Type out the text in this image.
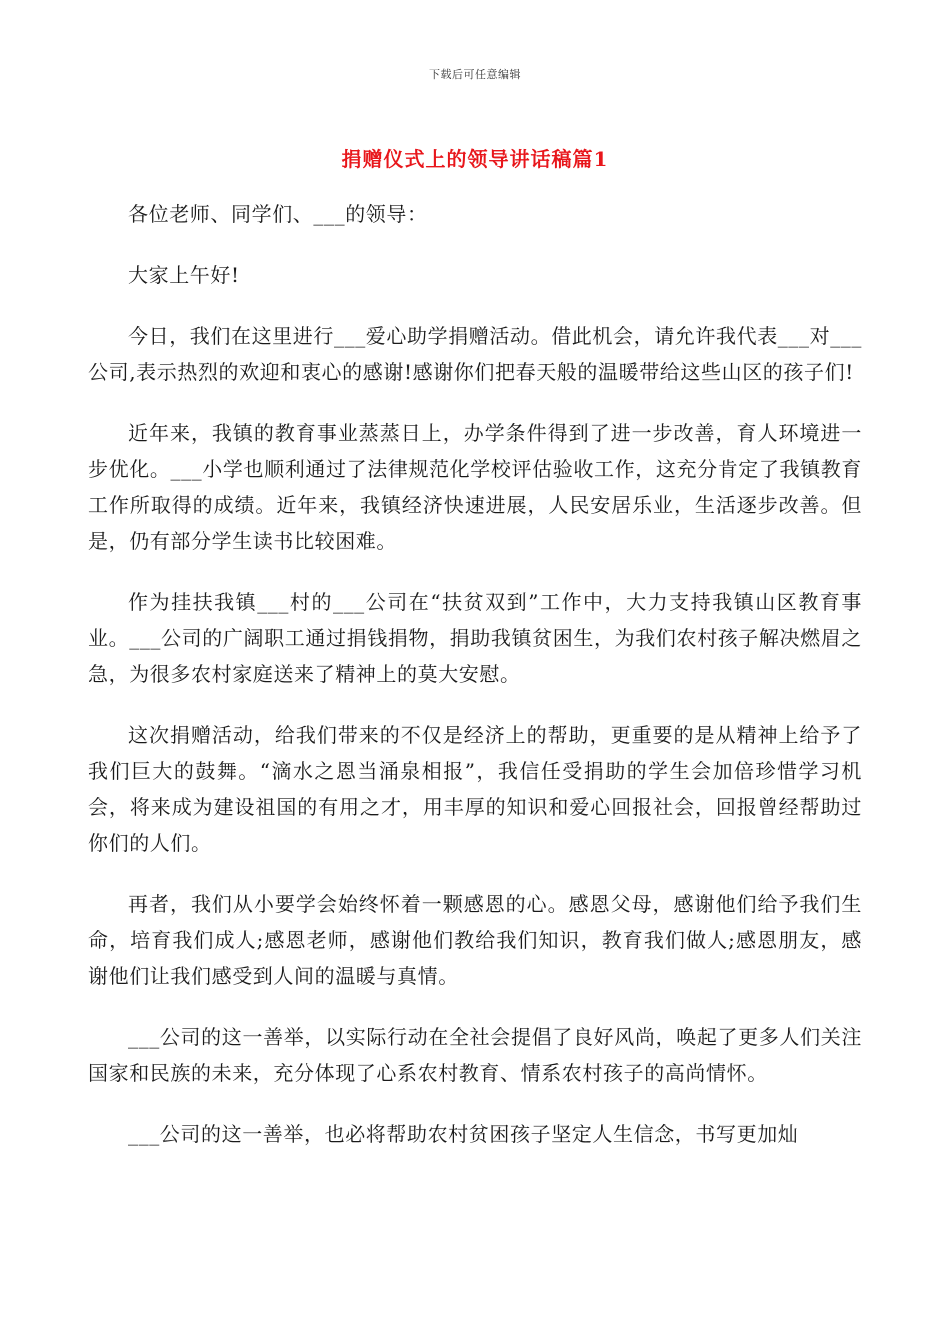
下载后可任意编辑
捐赠仪式上的领导讲话稿篇1

各位老师、同学们、___的领导：

大家上午好!

今日，我们在这里进行___爱心助学捐赠活动。借此机会，请允许我代表___对___公司,表示热烈的欢迎和衷心的感谢!感谢你们把春天般的温暖带给这些山区的孩子们!

近年来，我镇的教育事业蒸蒸日上，办学条件得到了进一步改善，育人环境进一步优化。___小学也顺利通过了法律规范化学校评估验收工作，这充分肯定了我镇教育工作所取得的成绩。近年来，我镇经济快速进展，人民安居乐业，生活逐步改善。但是，仍有部分学生读书比较困难。

作为挂扶我镇___村的___公司在“扶贫双到”工作中，大力支持我镇山区教育事业。___公司的广阔职工通过捐钱捐物，捐助我镇贫困生，为我们农村孩子解决燃眉之急，为很多农村家庭送来了精神上的莫大安慰。

这次捐赠活动，给我们带来的不仅是经济上的帮助，更重要的是从精神上给予了我们巨大的鼓舞。“滴水之恩当涌泉相报”，我信任受捐助的学生会加倍珍惜学习机会，将来成为建设祖国的有用之才，用丰厚的知识和爱心回报社会，回报曾经帮助过你们的人们。

再者，我们从小要学会始终怀着一颗感恩的心。感恩父母，感谢他们给予我们生命，培育我们成人;感恩老师，感谢他们教给我们知识，教育我们做人;感恩朋友，感谢他们让我们感受到人间的温暖与真情。

___公司的这一善举，以实际行动在全社会提倡了良好风尚，唤起了更多人们关注国家和民族的未来，充分体现了心系农村教育、情系农村孩子的高尚情怀。

___公司的这一善举，也必将帮助农村贫困孩子坚定人生信念，书写更加灿
